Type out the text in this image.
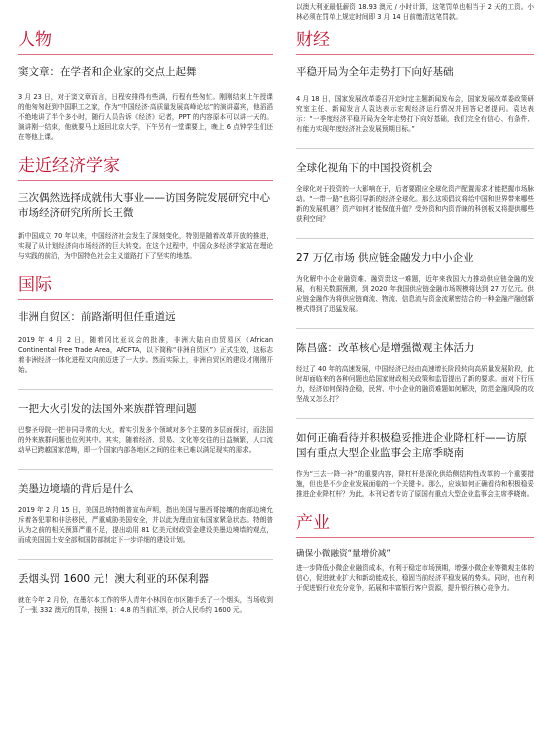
人物
窦文章：在学者和企业家的交点上起舞
3 月 23 日，对于窦文章而言，日程安排得有些满，行程有些匆忙。刚刚结束上午授课的他匆匆赶到中国职工之家，作为“中国经济·高质量发展高峰论坛”的演讲嘉宾，他滔滔不绝地讲了半个多小时，随行人员告诉《经济》记者，PPT 的内容原本可以讲一天的。演讲刚一结束，他就要马上返回北京大学，下午另有一堂课要上，晚上 6 点钟学生们还在等他上课。
走近经济学家
三次偶然选择成就伟大事业——访国务院发展研究中心市场经济研究所所长王微
新中国成立 70 年以来，中国经济社会发生了深刻变化，特别是随着改革开放的推进，实现了从计划经济向市场经济的巨大转变。在这个过程中，中国众多经济学家站在理论与实践的前沿，为中国特色社会主义道路打下了坚实的地基。
国际
非洲自贸区：前路渐明但任重道远
2019 年 4 月 2 日，随着冈比亚议会的批准，非洲大陆自由贸易区（African Continental Free Trade Area，AfCFTA，以下简称“非洲自贸区”）正式生效，这标志着非洲经济一体化进程又向前迈进了一大步。然而实际上，非洲自贸区的建设才刚刚开始。
一把大火引发的法国外来族群管理问题
巴黎圣母院一把非同寻常的大火，着实引发多个领域对多个主要的多层面探讨，而法国的外来族群问题也位列其中。其实，随着经济、贸易、文化等交往的日益频繁，人口流动早已跨越国家范畴，即一个国家内部各地区之间的往来已难以满足现实的需求。
美墨边境墙的背后是什么
2019 年 2 月 15 日，美国总统特朗普宣布声明，指出美国与墨西哥接壤的南部边境允斥着各犯罪和非法移民，严重威胁美国安全，并以此为理由宣布国家紧急状态。特朗普认为之前的相关预算严重不足，提出动用 81 亿美元财政资金建设美墨边境墙的观点，而成美国国土安全部和国防部制定下一步详细的建设计划。
丢烟头罚 1600 元！澳大利亚的环保利器
就在今年 2 月份，在墨尔本工作的华人青年小林因在市区随手丢了一个烟头，当场收到了一张 332 澳元的罚单，按照 1：4.8 的当前汇率，折合人民币约 1600 元。
以澳大利亚最低薪资 18.93 澳元 / 小时计算，这笔罚单也相当于 2 天的工资。小林必须在罚单上规定时间即 3 月 14 日前缴清这笔罚款。
财经
平稳开局为全年走势打下向好基础
4 月 18 日，国家发展改革委召开定时定主题新闻发布会，国家发展改革委政策研究室主任、新闻发言人袁达表示宏观经济运行情况并回答记者提问。袁达表示：“一季度经济平稳开局为全年走势打下向好基础，我们完全有信心、有条件、有能力实现年度经济社会发展预期目标。”
全球化视角下的中国投资机会
全球化对于投资的一大影响在于，后者要跟应全球化资产配置需求才能把握市场脉动。“一带一路”也将引导新的经济全球化。那么这项倡议将给中国和世界带来哪些新的发展机遇？资产如何才能保值升值？受外资和内资青睐的科创板又将提供哪些获利空间？
27 万亿市场 供应链金融发力中小企业
为化解中小企业融资难、融资贵这一难题，近年来我国大力推动供应链金融的发展，有相关数据预测，到 2020 年我国供应链金融市场规模将达到 27 万亿元。供应链金融作为将供应链商流、物流、信息流与资金流紧密结合的一种金融产融创新模式得到了迅猛发展。
陈昌盛：改革核心是增强微观主体活力
经过了 40 年的高速发展，中国经济已经由高速增长阶段转向高质量发展阶段，此时却面临来的各种问题也给国家财政相关政策和监管提出了新的要求。面对下行压力，经济如何保持企稳，民营、中小企业的融资难题如何解决，防范金融风险的攻坚战又怎么打？
如何正确看待并积极稳妥推进企业降杠杆——访原国有重点大型企业监事会主席季晓南
作为“三去一降一补”的重要内容，降杠杆是深化供给侧结构性改革的一个重要措施，但也是不少企业发展面临的一个关键卡。那么，应该如何正确看待和积极稳妥推进企业降杠杆？为此，本刊记者专访了原国有重点大型企业监事会主席季晓南。
产业
确保小微融资“量增价减”
进一步降低小微企业融资成本，有利于稳定市场预期，增强小微企业等微观主体的信心，促进就业扩大和新动能成长，稳固当前经济平稳发展的势头。同时，也有利于促进银行业充分竞争，拓展和丰富银行客户资源，提升银行核心竞争力。
